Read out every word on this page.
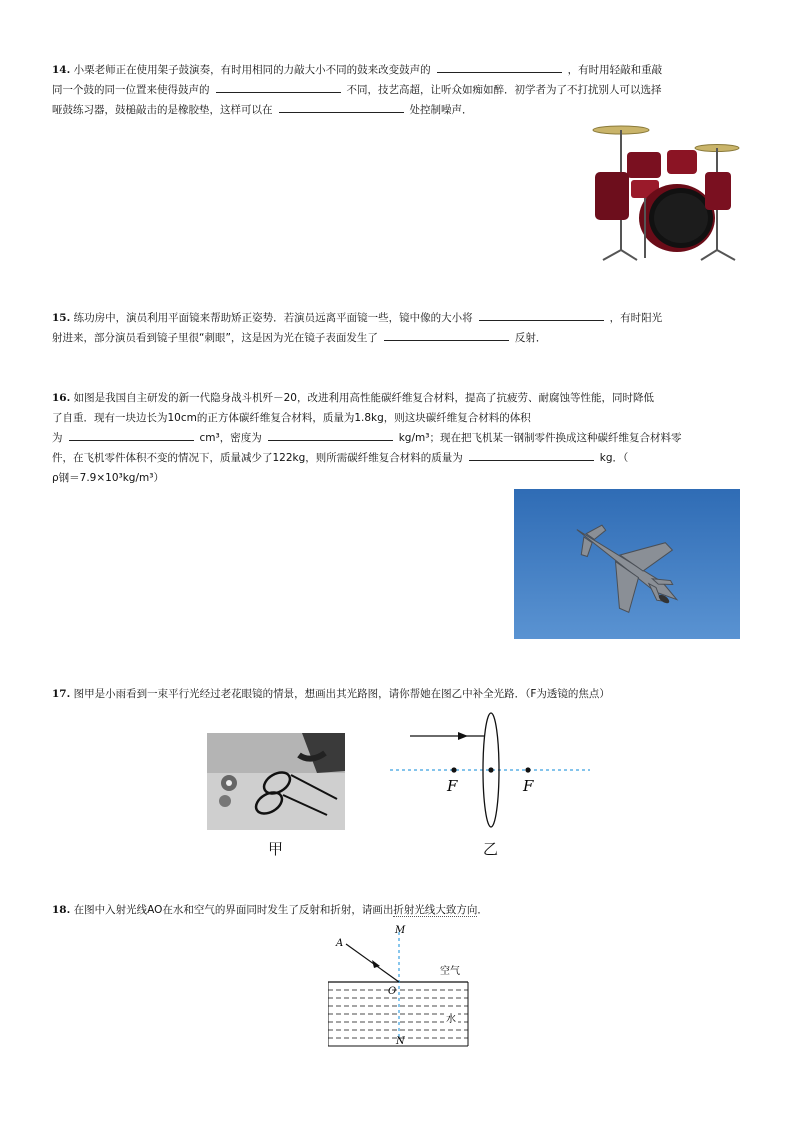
14. 小栗老师正在使用架子鼓演奏，有时用相同的力敲大小不同的鼓来改变鼓声的	，有时用轻敲和重敲

同一个鼓的同一位置来使得鼓声的	不同，技艺高超，让听众如痴如醉．初学者为了不打扰别人可以选择

哑鼓练习器，鼓槌敲击的是橡胶垫，这样可以在	处控制噪声．

15. 练功房中，演员利用平面镜来帮助矫正姿势．若演员远离平面镜一些，镜中像的大小将	，有时阳光

射进来，部分演员看到镜子里很“刺眼”，这是因为光在镜子表面发生了	反射．

16. 如图是我国自主研发的新一代隐身战斗机歼－20，改进利用高性能碳纤维复合材料，提高了抗疲劳、耐腐蚀等性能，同时降低

了自重．现有一块边长为10cm的正方体碳纤维复合材料，质量为1.8kg，则这块碳纤维复合材料的体积

为	cm³，密度为	kg/m³；现在把飞机某一钢制零件换成这种碳纤维复合材料零

件，在飞机零件体积不变的情况下，质量减少了122kg，则所需碳纤维复合材料的质量为	kg．（

ρ钢＝7.9×10³kg/m³）

17. 图甲是小雨看到一束平行光经过老花眼镜的情景，想画出其光路图，请你帮她在图乙中补全光路．（F为透镜的焦点）

甲
F	F
乙

18. 在图中入射光线AO在水和空气的界面同时发生了反射和折射，请画出折射光线大致方向．

A
M
O
N
空气
水
